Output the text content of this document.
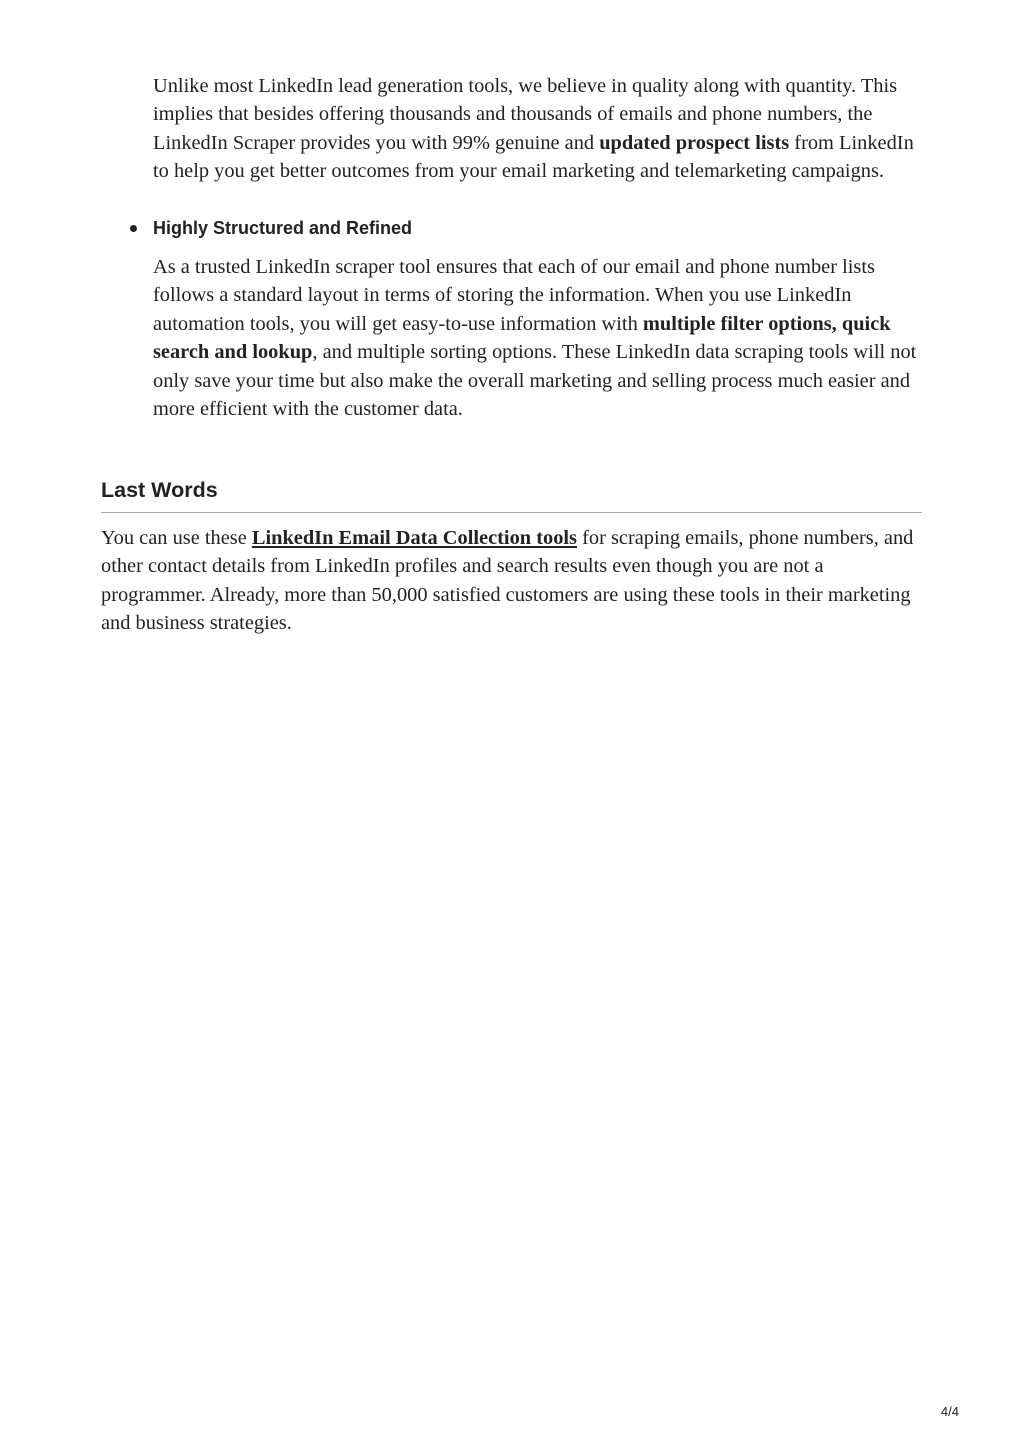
Unlike most LinkedIn lead generation tools, we believe in quality along with quantity. This implies that besides offering thousands and thousands of emails and phone numbers, the LinkedIn Scraper provides you with 99% genuine and updated prospect lists from LinkedIn to help you get better outcomes from your email marketing and telemarketing campaigns.

Highly Structured and Refined

As a trusted LinkedIn scraper tool ensures that each of our email and phone number lists follows a standard layout in terms of storing the information. When you use LinkedIn automation tools, you will get easy-to-use information with multiple filter options, quick search and lookup, and multiple sorting options. These LinkedIn data scraping tools will not only save your time but also make the overall marketing and selling process much easier and more efficient with the customer data.

Last Words

You can use these LinkedIn Email Data Collection tools for scraping emails, phone numbers, and other contact details from LinkedIn profiles and search results even though you are not a programmer. Already, more than 50,000 satisfied customers are using these tools in their marketing and business strategies.

4/4
